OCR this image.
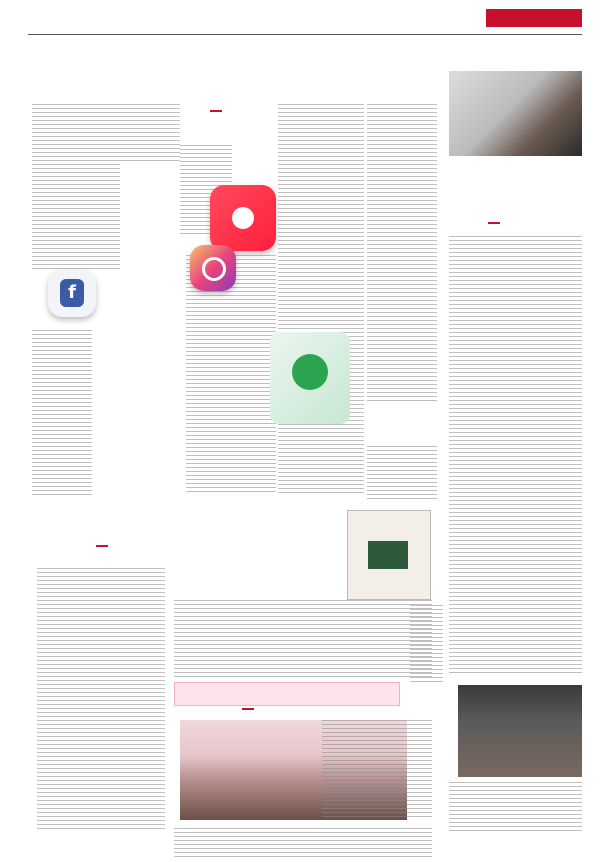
f
